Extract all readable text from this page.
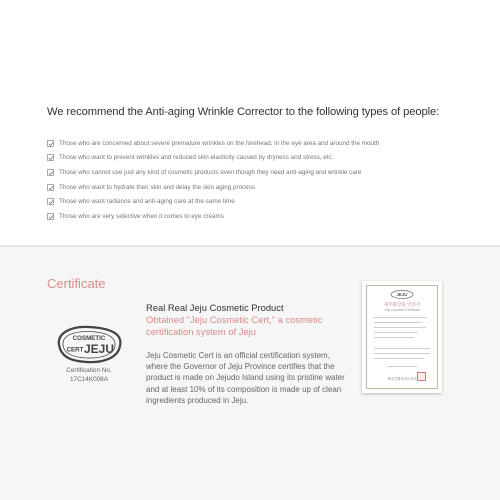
We recommend the Anti-aging Wrinkle Corrector to the following types of people:
Those who are concerned about severe premature wrinkles on the forehead, in the eye area and around the mouth
Those who want to prevent wrinkles and reduced skin elasticity caused by dryness and stress, etc.
Those who cannot use just any kind of cosmetic products even though they need anti-aging and wrinkle care
Those who want to hydrate their skin and delay the skin aging process
Those who want radiance and anti-aging care at the same time
Those who are very selective when it comes to eye creams
Certificate
COSMETIC
CERT JEJU
Certification No.
17C14K008A
Real Real Jeju Cosmetic Product
Obtained "Jeju Cosmetic Cert," a cosmetic certification system of Jeju
Jeju Cosmetic Cert is an official certification system, where the Governor of Jeju Province certifies that the product is made on Jejudo Island using its pristine water and at least 10% of its composition is made up of clean ingredients produced in Jeju.
JEJU
제주화장품 인증서
Jeju Cosmetic Certificate
제주특별자치도지사
